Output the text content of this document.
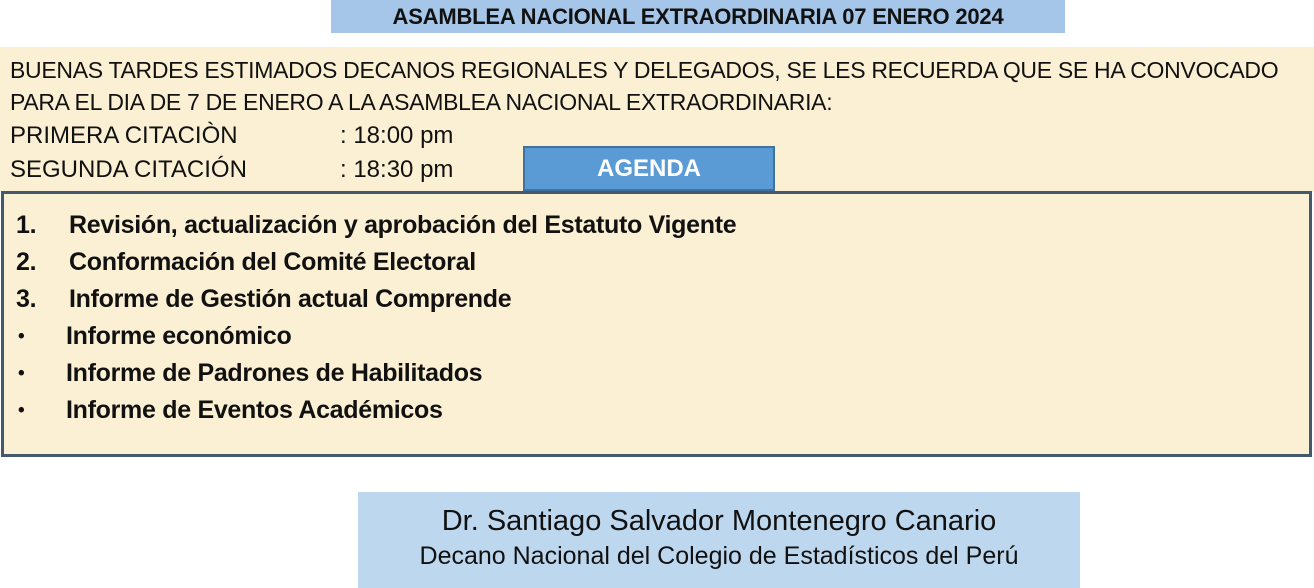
ASAMBLEA NACIONAL EXTRAORDINARIA 07 ENERO 2024
BUENAS TARDES ESTIMADOS DECANOS REGIONALES Y DELEGADOS, SE LES RECUERDA QUE SE HA CONVOCADO
PARA EL DIA DE 7 DE ENERO A LA ASAMBLEA NACIONAL EXTRAORDINARIA:
PRIMERA CITACIÒN	: 18:00 pm
SEGUNDA CITACIÓN	: 18:30 pm	AGENDA
1.	Revisión, actualización y aprobación del Estatuto Vigente
2.	Conformación del Comité Electoral
3.	Informe de Gestión actual Comprende
•	Informe económico
•	Informe de Padrones de Habilitados
•	Informe de Eventos Académicos
Dr. Santiago Salvador Montenegro Canario
Decano Nacional del Colegio de Estadísticos del Perú
